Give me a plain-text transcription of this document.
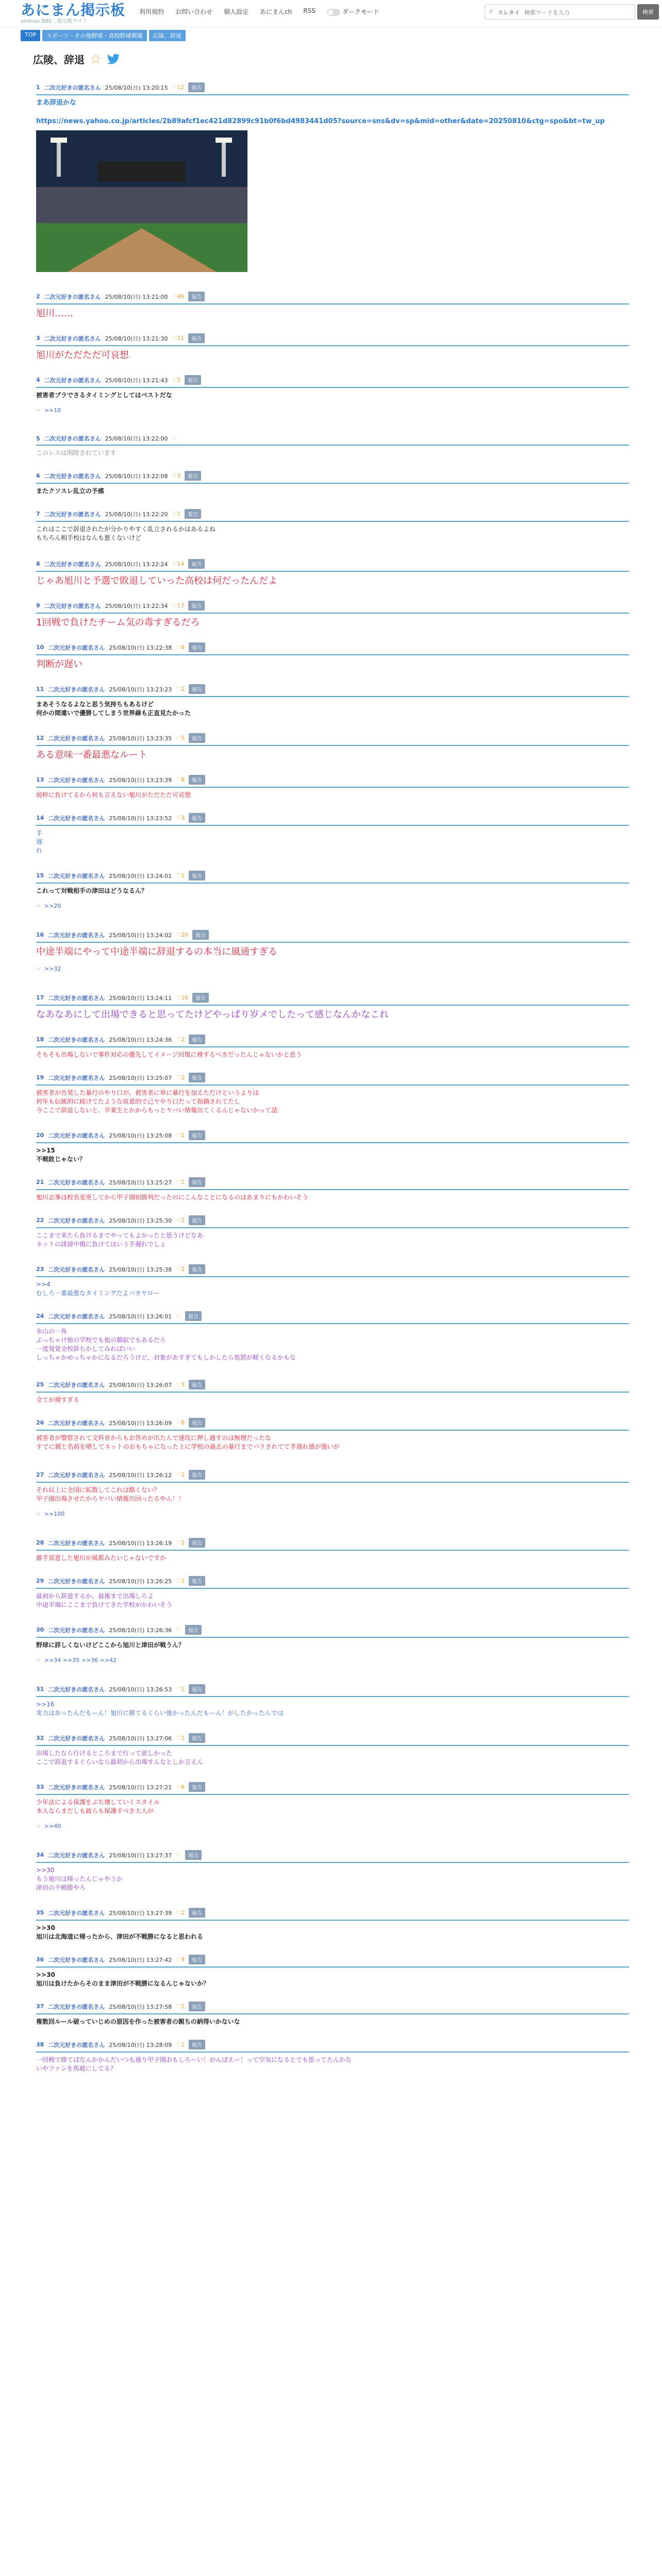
あにまん掲示板
animan BBS｜掲示板サイト
利用規約 お問い合わせ 個人設定 あにまんch RSS	ダークモード	⌕ スレタイ
検索ワードを入力	検索
TOP	スポーツ・その他野球・高校野球関連	広陵、辞退
広陵、辞退 ☆
1 二次元好きの匿名さん 25/08/10(日) 13:20:15 ♡12	報告
まあ辞退かな

https://news.yahoo.co.jp/articles/2b89afcf1ec421d82899c91b0f6bd4983441d05?source=sns&dv=sp&mid=other&date=20250810&ctg=spo&bt=tw_up
2 二次元好きの匿名さん 25/08/10(日) 13:21:00 ♡46	報告
旭川……
3 二次元好きの匿名さん 25/08/10(日) 13:21:30 ♡11	報告
旭川がただただ可哀想
4 二次元好きの匿名さん 25/08/10(日) 13:21:43 ♡5	報告
被害者ブラでさるタイミングとしてはベストだな
☞ >>10
5 二次元好きの匿名さん 25/08/10(日) 13:22:00 ♡
このレスは削除されています
6 二次元好きの匿名さん 25/08/10(日) 13:22:08 ♡3	報告
またクソスレ乱立の予感
7 二次元好きの匿名さん 25/08/10(日) 13:22:20 ♡1	報告
これはここで辞退されたが分かりやすく乱立されるかはあるよね
もちろん相手校はなんも悪くないけど
8 二次元好きの匿名さん 25/08/10(日) 13:22:24 ♡14	報告
じゃあ旭川と予選で敗退していった高校は何だったんだよ
9 二次元好きの匿名さん 25/08/10(日) 13:22:34 ♡13	報告
1回戦で負けたチーム気の毒すぎるだろ
10 二次元好きの匿名さん 25/08/10(日) 13:22:38 ♡6	報告
判断が遅い
11 二次元好きの匿名さん 25/08/10(日) 13:23:23 ♡2	報告
まあそうなるよなと思う気持ちもあるけど
何かの間違いで優勝してしまう世界線も正直見たかった
12 二次元好きの匿名さん 25/08/10(日) 13:23:35 ♡5	報告
ある意味一番最悪なルート
13 二次元好きの匿名さん 25/08/10(日) 13:23:39 ♡8	報告
純粋に負けてるから何も言えない旭川がただただ可哀想
14 二次元好きの匿名さん 25/08/10(日) 13:23:52 ♡3	報告
手
遅
れ
15 二次元好きの匿名さん 25/08/10(日) 13:24:01 ♡1	報告
これって対戦相手の津田はどうなるん？
☞ >>20
16 二次元好きの匿名さん 25/08/10(日) 13:24:02 ♡26	報告
中途半端にやって中途半端に辞退するの本当に風通すぎる
☞ >>32
17 二次元好きの匿名さん 25/08/10(日) 13:24:11 ♡16	報告
なあなあにして出場できると思ってたけどやっぱり岁メでしたって感じなんかなこれ
18 二次元好きの匿名さん 25/08/10(日) 13:24:36 ♡2	報告
そもそも出場しないで事件対応の優先してイメージ回復に務するべきだったんじゃないかと思う
19 二次元好きの匿名さん 25/08/10(日) 13:25:07 ♡2	報告
被害者が告発した暴行のやり口が、被害者に単に暴行を加えただけというよりは
何年も伝統的に続けてたような故意的で己ヤやり口だって指摘されてたし
今ここで辞退しないと、卒業生とかからもっとヤバい情報出てくるんじゃないかって話
20 二次元好きの匿名さん 25/08/10(日) 13:25:08 ♡1	報告
>>15
不戦敗じゃない？
21 二次元好きの匿名さん 25/08/10(日) 13:25:27 ♡1	報告
旭川志峯は校名変更してから甲子園初勝利だったのにこんなことになるのはあまりにもかわいそう
22 二次元好きの匿名さん 25/08/10(日) 13:25:30 ♡2	報告
ここまで来たら負けるまでやってもよかったと思うけどなあ
ネットの誹謗中傷に負けてはいう手遅れでしょ
23 二次元好きの匿名さん 25/08/10(日) 13:25:38 ♡2	報告
>>4
むしろ一番最悪なタイミングだよバカヤロー
24 二次元好きの匿名さん 25/08/10(日) 13:26:01 ♡	報告
氷山の一角
ぶっちゃけ他の学校でも他の類似でもあるだろ
一度発覚全校辞ちかしてみればいい
しっちゃかめっちゃかになるだろうけど、対象があすぎてもしかしたら処罰が軽くなるかもな
25 二次元好きの匿名さん 25/08/10(日) 13:26:07 ♡3	報告
全てが遅すぎる
26 二次元好きの匿名さん 25/08/10(日) 13:26:09 ♡8	報告
被害者が警察されて文科省からもお咎めが出たんで速攻に押し通すのは無理だったな
すでに親と名前を晒してネットのおもちゃになった上に学校の過去の暴行までバラされてて手遅れ感が強いが
27 二次元好きの匿名さん 25/08/10(日) 13:26:12 ♡1	報告
それ以上に全国に拡散してこれは酷くない？
甲子園出場させたからヤバい情報出回ったるやん！！
☞ >>100
28 二次元好きの匿名さん 25/08/10(日) 13:26:19 ♡1	報告
藤手部意した旭川が風都みたいじゃないですか
29 二次元好きの匿名さん 25/08/10(日) 13:26:25 ♡1	報告
最初から辞退するか、最後まで出場しろよ
中途半端にここまで負けてきた学校がかわいそう
30 二次元好きの匿名さん 25/08/10(日) 13:26:36 ♡	報告
野球に詳しくないけどここから旭川と津田が戦うん？
☞ >>34 >>35 >>36 >>42
31 二次元好きの匿名さん 25/08/10(日) 13:26:53 ♡1	報告
>>16
実力はあったんだもーん！旭川に勝てるくらい強かったんだもーん！がしたかったんでは
32 二次元好きの匿名さん 25/08/10(日) 13:27:06 ♡1	報告
出場したなら行けるところまで行って欲しかった
ここで辞退するぐらいなら最初から出場すんなとしか言えん
33 二次元好きの匿名さん 25/08/10(日) 13:27:21 ♡6	報告
少年法による保護をぶち壊していくスタイル
本人ならまだしも彼らも保護すべき大人が
☞ >>40
34 二次元好きの匿名さん 25/08/10(日) 13:27:37 ♡	報告
>>30
もう旭川は帰ったんじゃやうか
津田の不戦勝やろ
35 二次元好きの匿名さん 25/08/10(日) 13:27:39 ♡2	報告
>>30
旭川は北海道に帰ったから、津田が不戦勝になると思われる
36 二次元好きの匿名さん 25/08/10(日) 13:27:42 ♡4	報告
>>30
旭川は負けたからそのまま津田が不戦勝になるんじゃないか？
37 二次元好きの匿名さん 25/08/10(日) 13:27:58 ♡1	報告
複数回ルール破っていじめの原因を作った被害者の親ちの納得いかないな
38 二次元好きの匿名さん 25/08/10(日) 13:28:09 ♡1	報告
一回戦で勝てばなんかかんだいつも通り甲子園おもしろーい！がんばえー！って空気になるとでも思ってたんかな
いやファンを馬鹿にしてる？
